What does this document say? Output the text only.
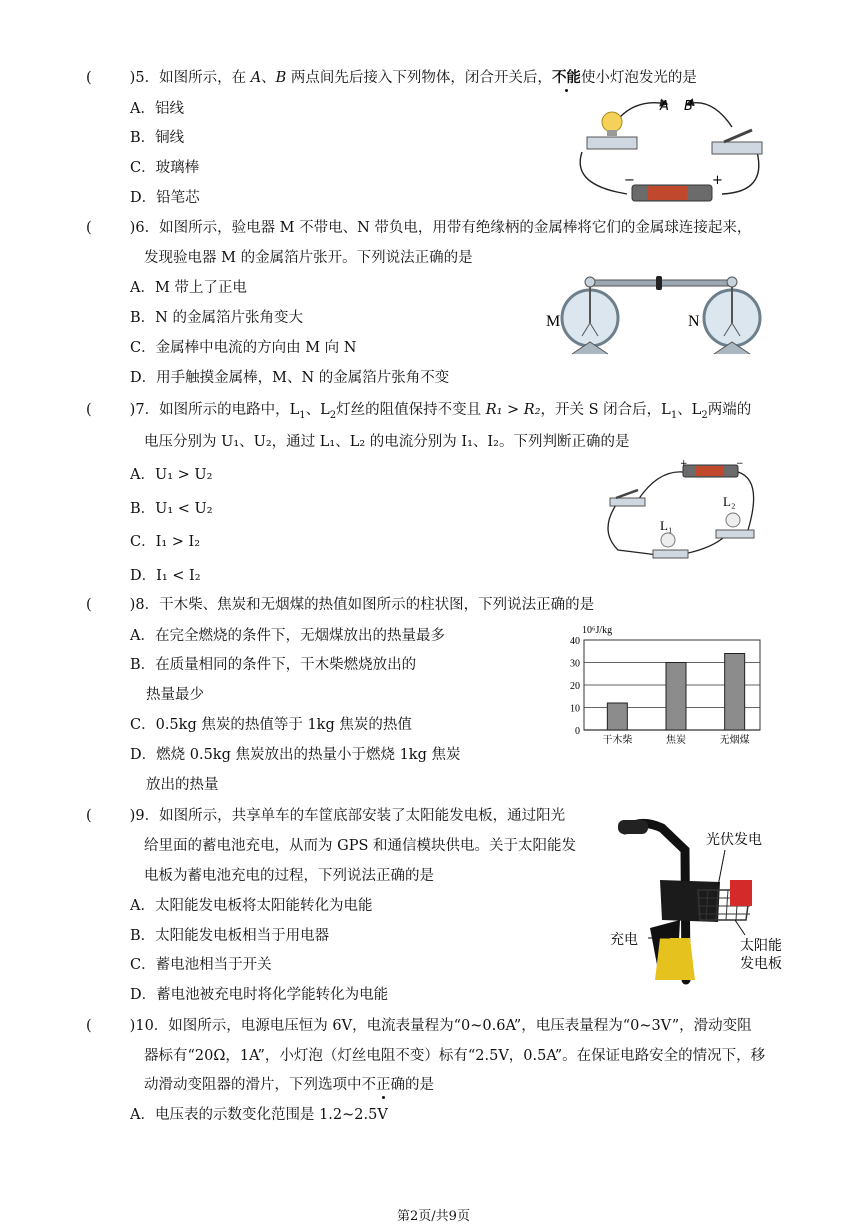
(	)5．如图所示，在 A、B 两点间先后接入下列物体，闭合开关后，不能使小灯泡发光的是
A．铝线
B．铜线
C．玻璃棒
D．铅笔芯
A B
−	+
(	)6．如图所示，验电器 M 不带电、N 带负电，用带有绝缘柄的金属棒将它们的金属球连接起来，
发现验电器 M 的金属箔片张开。下列说法正确的是
A．M 带上了正电
B．N 的金属箔片张角变大
C．金属棒中电流的方向由 M 向 N
D．用手触摸金属棒，M、N 的金属箔片张角不变
M	N
(	)7．如图所示的电路中，$L_1$、$L_2$灯丝的阻值保持不变且 R₁ > R₂，开关 S 闭合后，$L_1$、$L_2$两端的
电压分别为 U₁、U₂，通过 L₁、L₂ 的电流分别为 I₁、I₂。下列判断正确的是
A．U₁ > U₂
B．U₁ < U₂
C．I₁ > I₂
D．I₁ < I₂
L₂
L₁
+	−
(	)8．干木柴、焦炭和无烟煤的热值如图所示的柱状图，下列说法正确的是
A．在完全燃烧的条件下，无烟煤放出的热量最多
B．在质量相同的条件下，干木柴燃烧放出的
热量最少
C．0.5kg 焦炭的热值等于 1kg 焦炭的热值
D．燃烧 0.5kg 焦炭放出的热量小于燃烧 1kg 焦炭
放出的热量
10⁶J/kg
40
30
20
10
0
干木柴	焦炭	无烟煤
(	)9．如图所示，共享单车的车筐底部安装了太阳能发电板，通过阳光
给里面的蓄电池充电，从而为 GPS 和通信模块供电。关于太阳能发
电板为蓄电池充电的过程，下列说法正确的是
A．太阳能发电板将太阳能转化为电能
B．太阳能发电板相当于用电器
C．蓄电池相当于开关
D．蓄电池被充电时将化学能转化为电能
光伏发电
充电	太阳能
发电板
(	)10．如图所示，电源电压恒为 6V，电流表量程为“0~0.6A”，电压表量程为“0~3V”，滑动变阻
器标有“20Ω，1A”，小灯泡（灯丝电阻不变）标有“2.5V，0.5A”。在保证电路安全的情况下，移
动滑动变阻器的滑片，下列选项中不正确的是
A．电压表的示数变化范围是 1.2~2.5V
第2页/共9页
